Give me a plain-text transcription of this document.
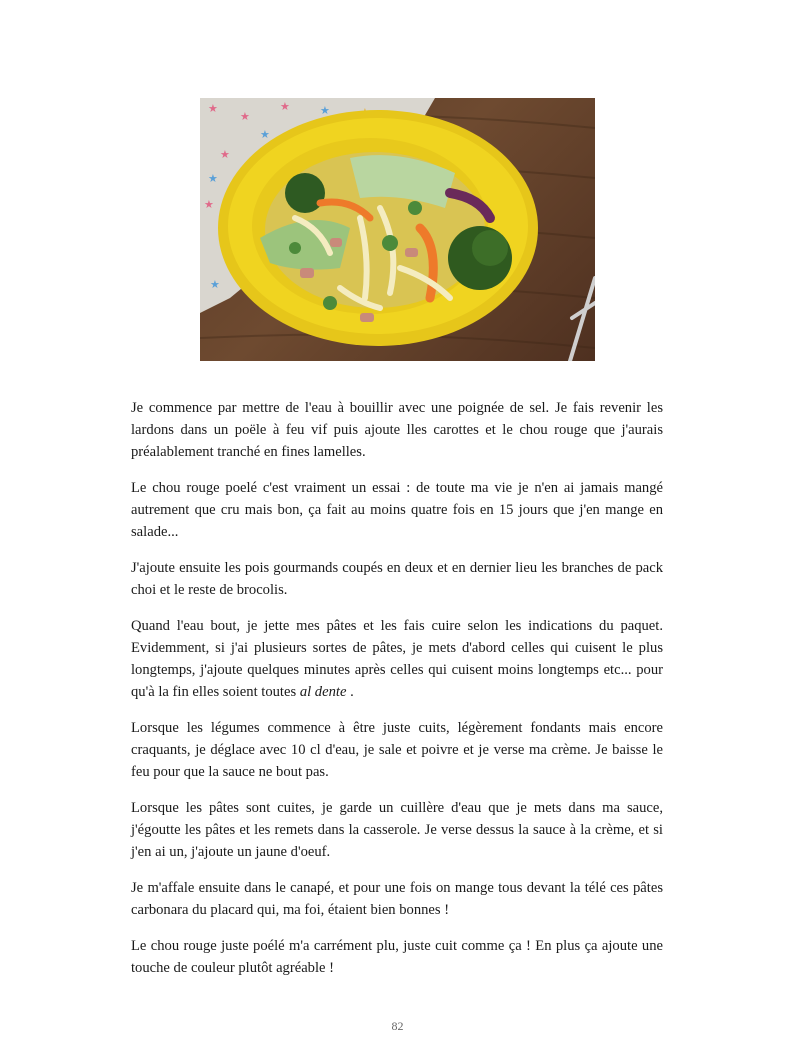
★
★
★
★
★
★
★
★
★

Je commence par mettre de l'eau à bouillir avec une poignée de sel. Je fais revenir les lardons dans un poële à feu vif puis ajoute lles carottes et le chou rouge que j'aurais préalablement tranché en fines lamelles.

Le chou rouge poelé c'est vraiment un essai : de toute ma vie je n'en ai jamais mangé autrement que cru mais bon, ça fait au moins quatre fois en 15 jours que j'en mange en salade...

J'ajoute ensuite les pois gourmands coupés en deux et en dernier lieu les branches de pack choi et le reste de brocolis.

Quand l'eau bout, je jette mes pâtes et les fais cuire selon les indications du paquet. Evidemment, si j'ai plusieurs sortes de pâtes, je mets d'abord celles qui cuisent le plus longtemps, j'ajoute quelques minutes après celles qui cuisent moins longtemps etc... pour qu'à la fin elles soient toutes al dente .

Lorsque les légumes commence à être juste cuits, légèrement fondants mais encore craquants, je déglace avec 10 cl d'eau, je sale et poivre et je verse ma crème. Je baisse le feu pour que la sauce ne bout pas.

Lorsque les pâtes sont cuites, je garde un cuillère d'eau que je mets dans ma sauce, j'égoutte les pâtes et les remets dans la casserole. Je verse dessus la sauce à la crème, et si j'en ai un, j'ajoute un jaune d'oeuf.

Je m'affale ensuite dans le canapé, et pour une fois on mange tous devant la télé ces pâtes carbonara du placard qui, ma foi, étaient bien bonnes !

Le chou rouge juste poélé m'a carrément plu, juste cuit comme ça ! En plus ça ajoute une touche de couleur plutôt agréable !

82
